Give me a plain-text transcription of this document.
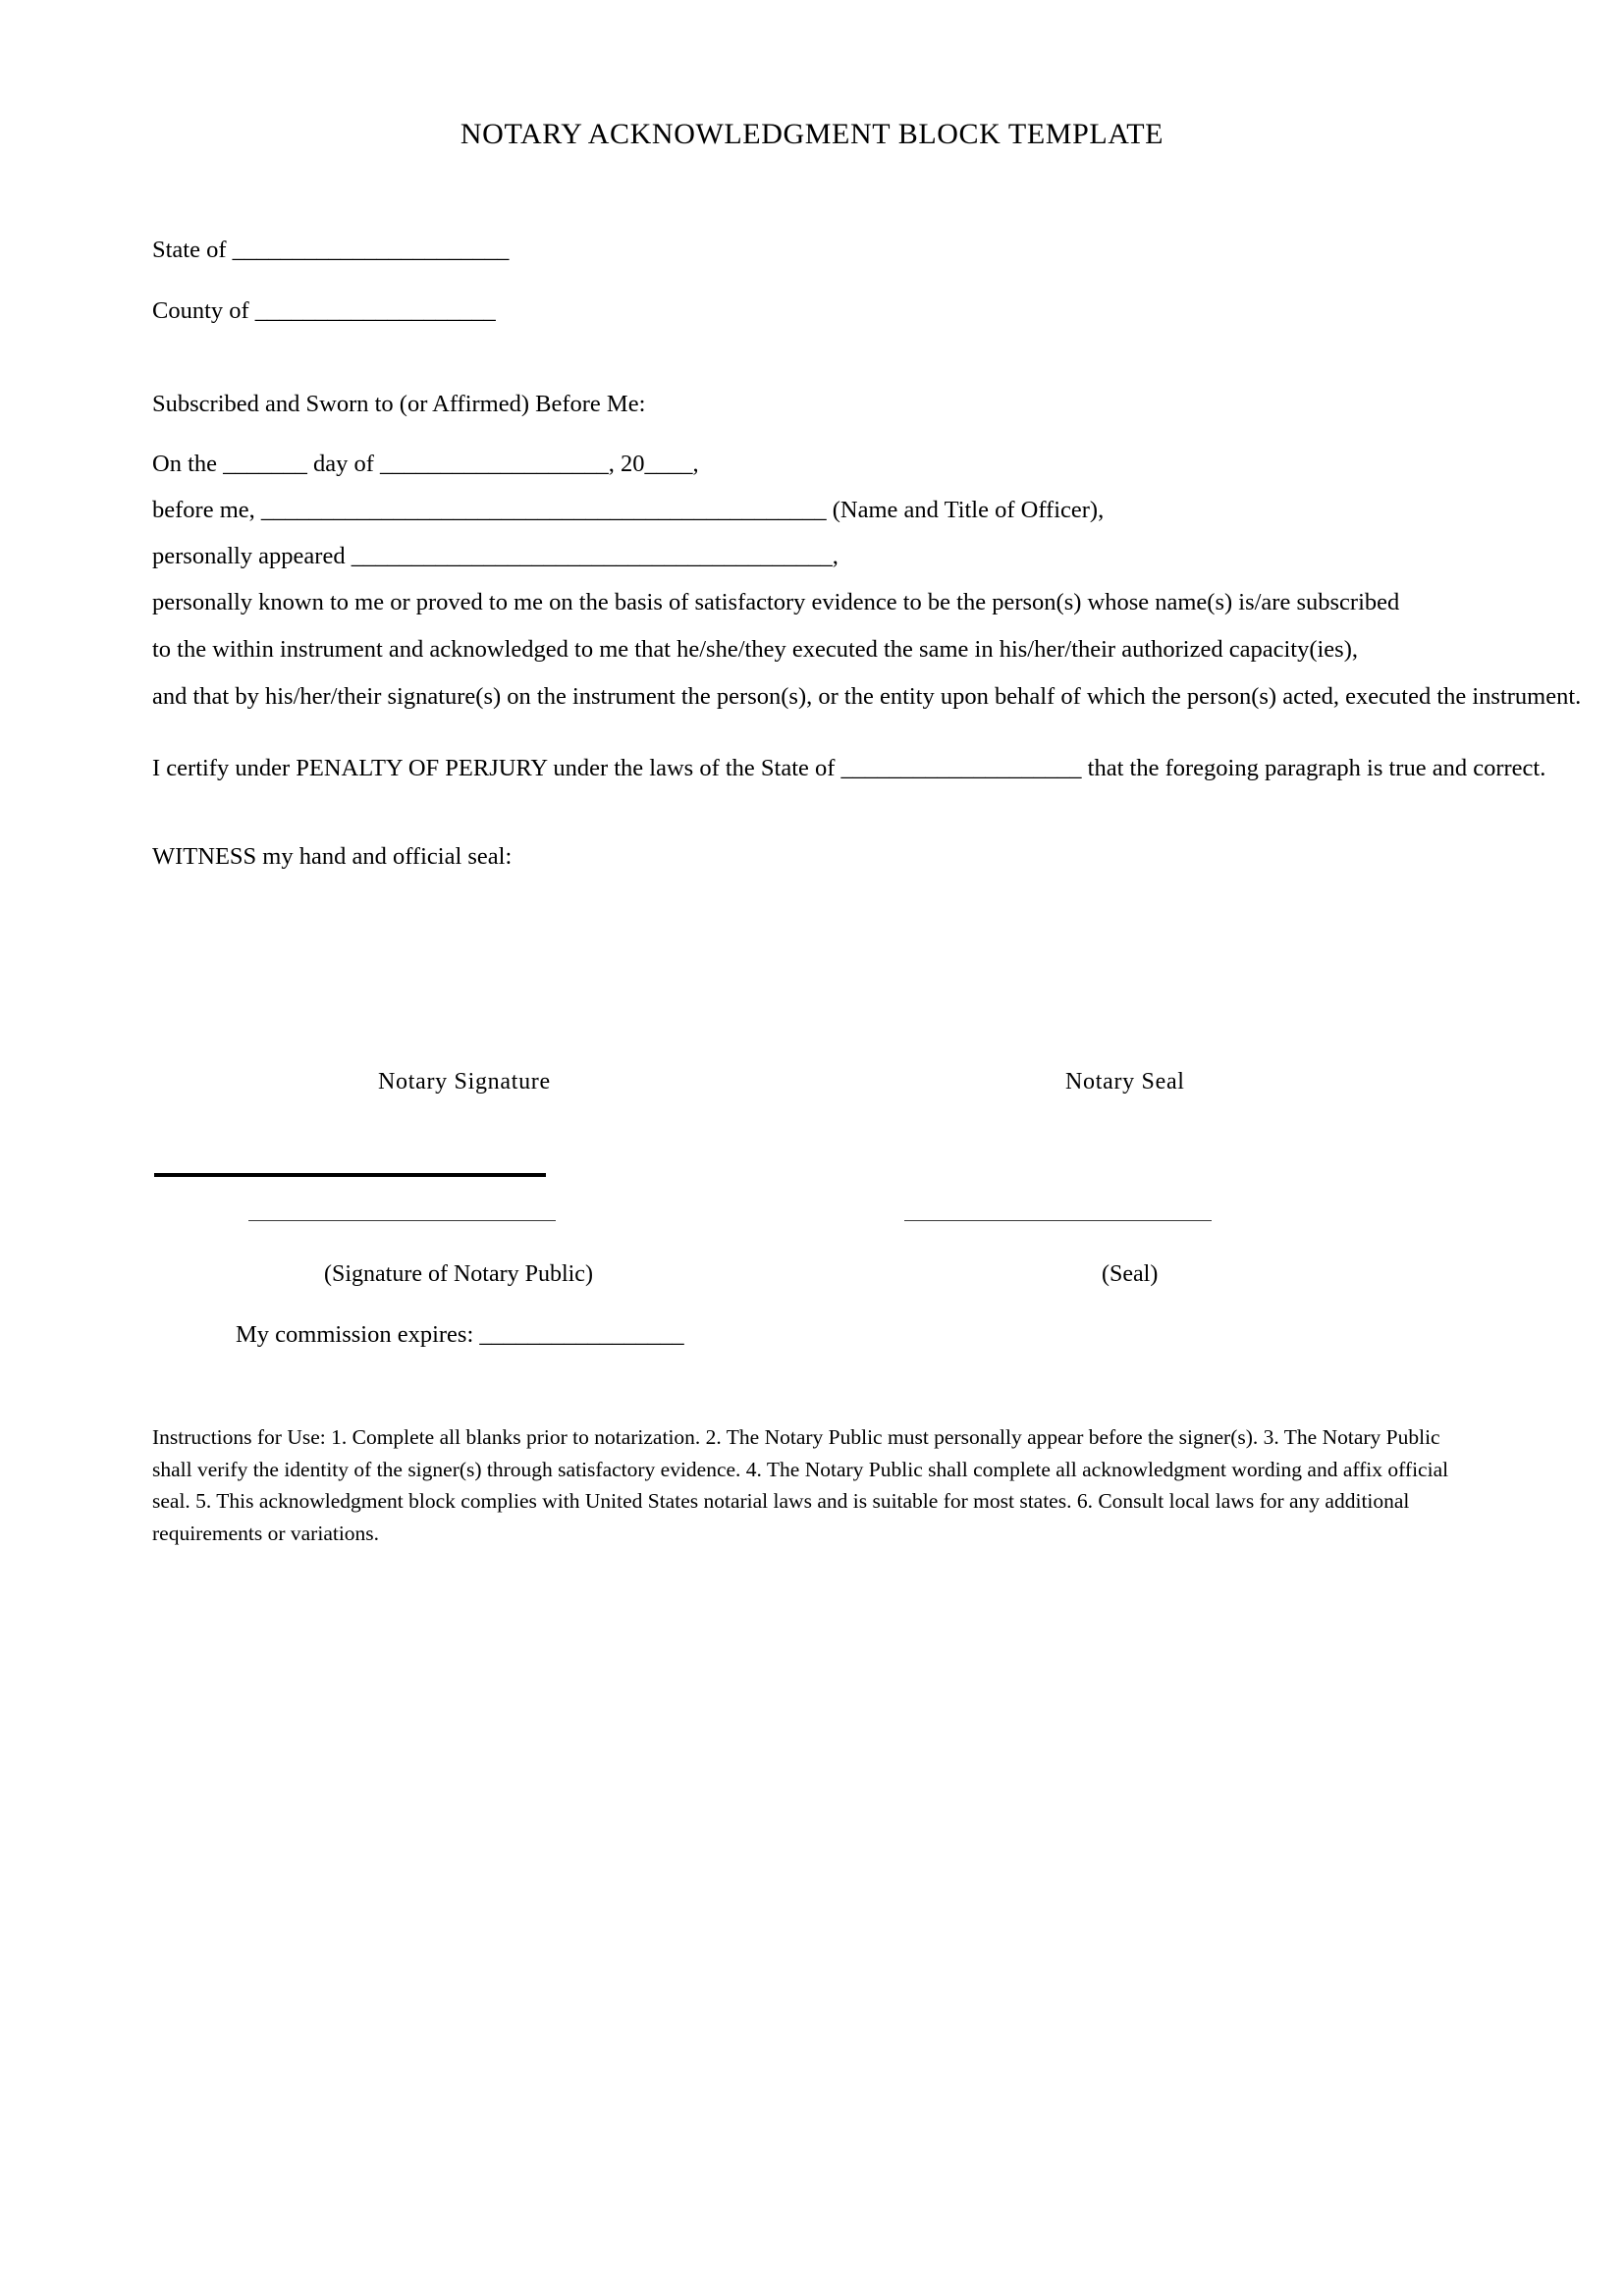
NOTARY ACKNOWLEDGMENT BLOCK TEMPLATE
State of _______________________
County of ____________________
Subscribed and Sworn to (or Affirmed) Before Me:
On the _______ day of ___________________, 20____,
before me, _______________________________________________ (Name and Title of Officer),
personally appeared ________________________________________,
personally known to me or proved to me on the basis of satisfactory evidence to be the person(s) whose name(s) is/are subscribed
to the within instrument and acknowledged to me that he/she/they executed the same in his/her/their authorized capacity(ies),
and that by his/her/their signature(s) on the instrument the person(s), or the entity upon behalf of which the person(s) acted, executed the instrument.
I certify under PENALTY OF PERJURY under the laws of the State of ____________________ that the foregoing paragraph is true and correct.
WITNESS my hand and official seal:
Notary Signature	Notary Seal
(Signature of Notary Public)	(Seal)
My commission expires: _________________
Instructions for Use: 1. Complete all blanks prior to notarization. 2. The Notary Public must personally appear before the signer(s). 3. The Notary Public shall verify the identity of the signer(s) through satisfactory evidence. 4. The Notary Public shall complete all acknowledgment wording and affix official seal. 5. This acknowledgment block complies with United States notarial laws and is suitable for most states. 6. Consult local laws for any additional requirements or variations.
